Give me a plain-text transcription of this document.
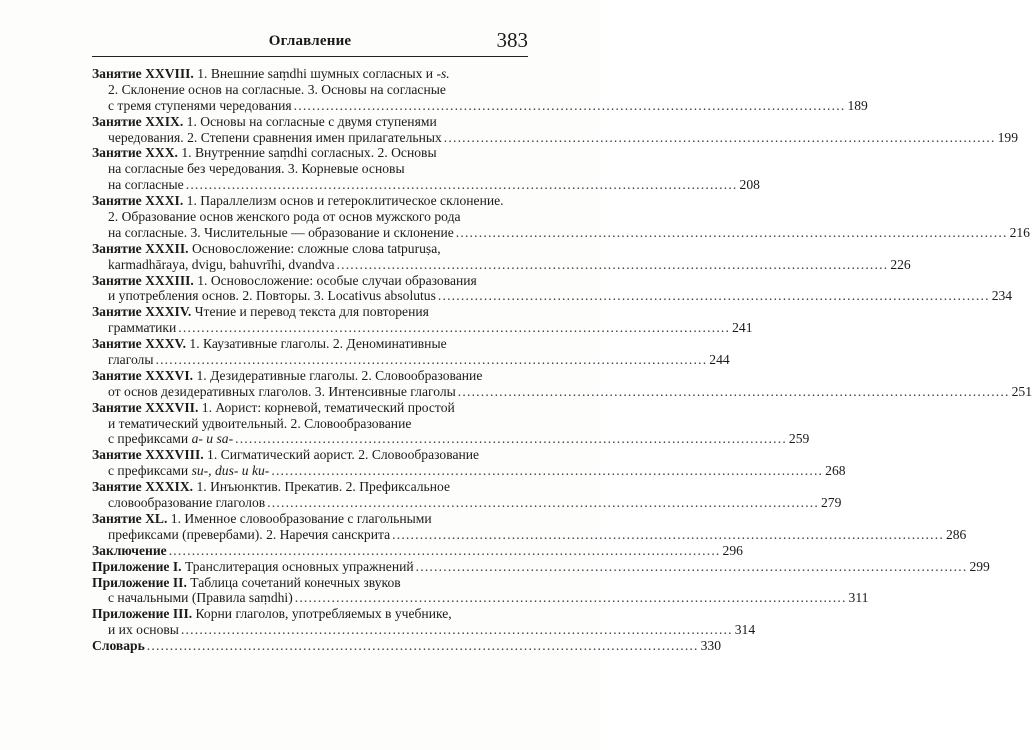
Оглавление	383
Занятие XXVIII. 1. Внешние saṃdhi шумных согласных и -s.
2. Склонение основ на согласные. 3. Основы на согласные
с тремя ступенями чередования ........................................................................................................................ 189
Занятие XXIX. 1. Основы на согласные с двумя ступенями
чередования. 2. Степени сравнения имен прилагательных ........................................................................................................................ 199
Занятие XXX. 1. Внутренние saṃdhi согласных. 2. Основы
на согласные без чередования. 3. Корневые основы
на согласные ........................................................................................................................ 208
Занятие XXXI. 1. Параллелизм основ и гетероклитическое склонение.
2. Образование основ женского рода от основ мужского рода
на согласные. 3. Числительные — образование и склонение ........................................................................................................................ 216
Занятие XXXII. Основосложение: сложные слова tatpuruṣa,
karmadhāraya, dvigu, bahuvrīhi, dvandva ........................................................................................................................ 226
Занятие XXXIII. 1. Основосложение: особые случаи образования
и употребления основ. 2. Повторы. 3. Locativus absolutus ........................................................................................................................ 234
Занятие XXXIV. Чтение и перевод текста для повторения
грамматики ........................................................................................................................ 241
Занятие XXXV. 1. Каузативные глаголы. 2. Деноминативные
глаголы ........................................................................................................................ 244
Занятие XXXVI. 1. Дезидеративные глаголы. 2. Словообразование
от основ дезидеративных глаголов. 3. Интенсивные глаголы ........................................................................................................................ 251
Занятие XXXVII. 1. Аорист: корневой, тематический простой
и тематический удвоительный. 2. Словообразование
с префиксами a- и sa- ........................................................................................................................ 259
Занятие XXXVIII. 1. Сигматический аорист. 2. Словообразование
с префиксами su-, dus- и ku- ........................................................................................................................ 268
Занятие XXXIX. 1. Инъюнктив. Прекатив. 2. Префиксальное
словообразование глаголов ........................................................................................................................ 279
Занятие XL. 1. Именное словообразование с глагольными
префиксами (превербами). 2. Наречия санскрита ........................................................................................................................ 286
Заключение ........................................................................................................................ 296
Приложение I. Транслитерация основных упражнений ........................................................................................................................ 299
Приложение II. Таблица сочетаний конечных звуков
с начальными (Правила saṃdhi) ........................................................................................................................ 311
Приложение III. Корни глаголов, употребляемых в учебнике,
и их основы ........................................................................................................................ 314
Словарь ........................................................................................................................ 330
